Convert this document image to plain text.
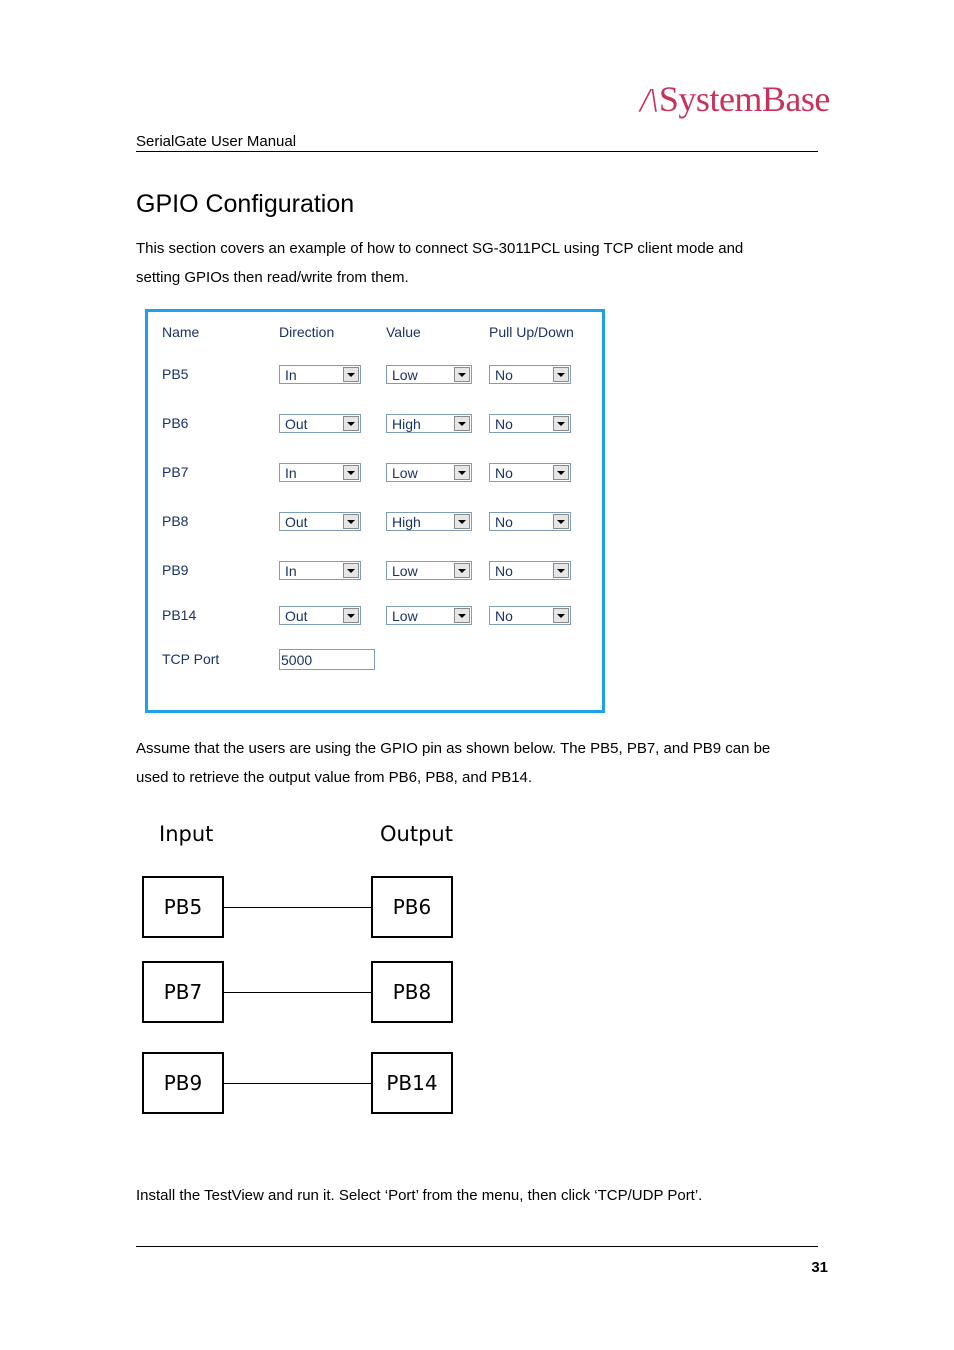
/\SystemBase
SerialGate User Manual
GPIO Configuration
This section covers an example of how to connect SG-3011PCL using TCP client mode and
setting GPIOs then read/write from them.
Name	Direction	Value	Pull Up/Down
PB5	In	Low	No
PB6	Out	High	No
PB7	In	Low	No
PB8	Out	High	No
PB9	In	Low	No
PB14	Out	Low	No
TCP Port	5000
Assume that the users are using the GPIO pin as shown below. The PB5, PB7, and PB9 can be
used to retrieve the output value from PB6, PB8, and PB14.
Input	Output
PB5	PB6
PB7	PB8
PB9	PB14
Install the TestView and run it. Select ‘Port’ from the menu, then click ‘TCP/UDP Port’.
31
